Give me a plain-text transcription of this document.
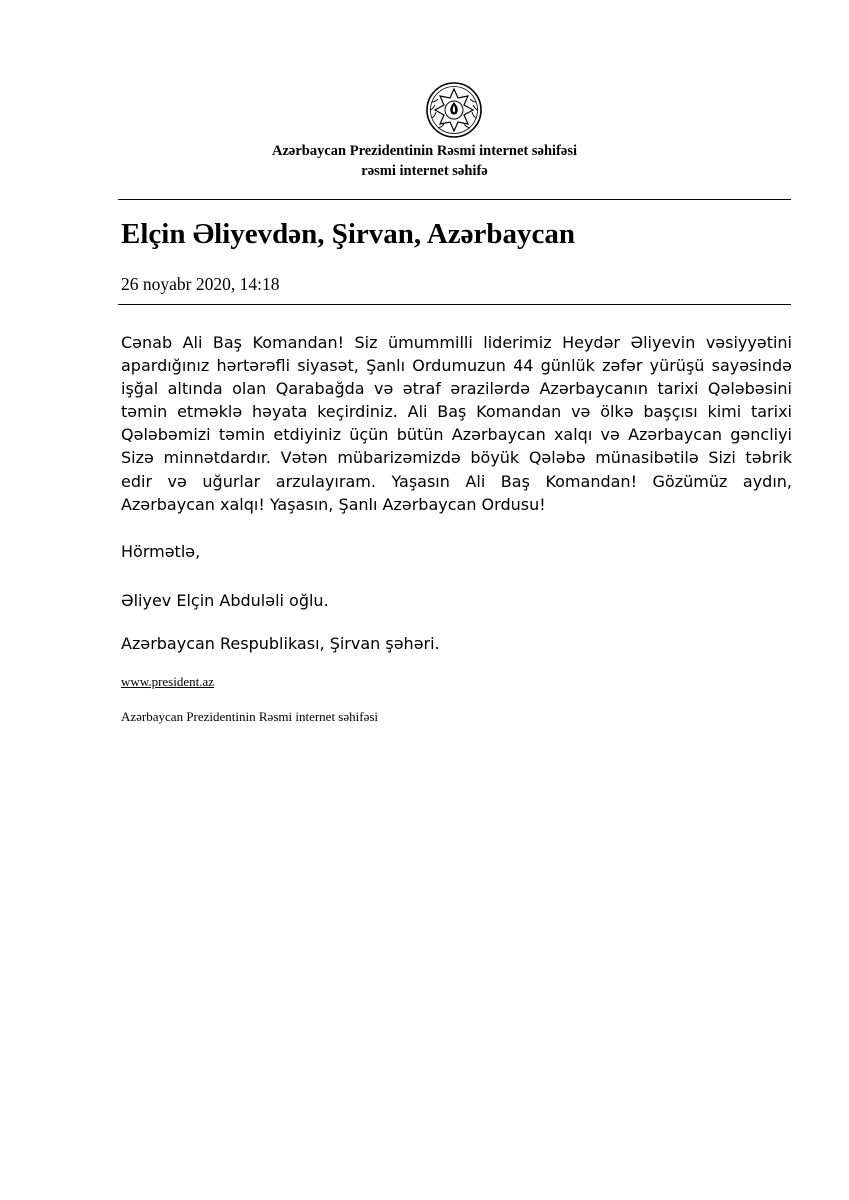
Azərbaycan Prezidentinin Rəsmi internet səhifəsi
rəsmi internet səhifə
Elçin Əliyevdən, Şirvan, Azərbaycan
26 noyabr 2020, 14:18
Cənab Ali Baş Komandan! Siz ümummilli liderimiz Heydər Əliyevin vəsiyyətini
apardığınız hərtərəfli siyasət, Şanlı Ordumuzun 44 günlük zəfər yürüşü sayəsində
işğal altında olan Qarabağda və ətraf ərazilərdə Azərbaycanın tarixi Qələbəsini
təmin etməklə həyata keçirdiniz. Ali Baş Komandan və ölkə başçısı kimi tarixi
Qələbəmizi təmin etdiyiniz üçün bütün Azərbaycan xalqı və Azərbaycan gəncliyi
Sizə minnətdardır. Vətən mübarizəmizdə böyük Qələbə münasibətilə Sizi təbrik
edir və uğurlar arzulayıram. Yaşasın Ali Baş Komandan! Gözümüz aydın,
Azərbaycan xalqı! Yaşasın, Şanlı Azərbaycan Ordusu!

Hörmətlə,

Əliyev Elçin Abduləli oğlu.

Azərbaycan Respublikası, Şirvan şəhəri.

www.president.az
Azərbaycan Prezidentinin Rəsmi internet səhifəsi
